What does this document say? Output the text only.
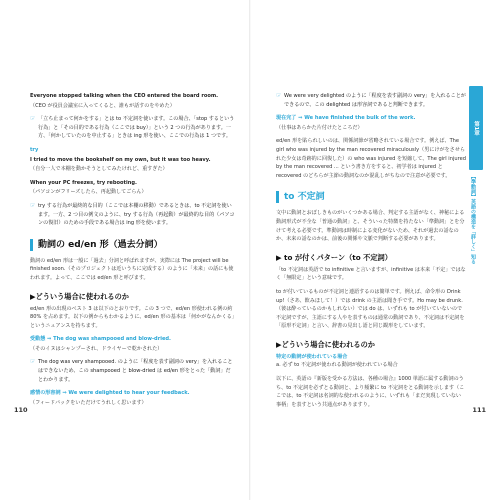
Everyone stopped talking when the CEO entered the board room.
（CEO が役員会議室に入ってくると、誰もが話すのをやめた）
☞ 「立ち止まって何かをする」とは to 不定詞を使います。この場合、「stop するという行為」と「その目的である行為（ここでは buy）」という 2 つの行為があります。一方、「何かしていたのを中止する」ときは ing 形を使い、ここでの行為は 1 つです。
try
I tried to move the bookshelf on my own, but it was too heavy.
（自分一人で本棚を動かそうとしてみたけれど、重すぎた）
When your PC freezes, try rebooting.
（パソコンがフリーズしたら、再起動してごらん）
☞ try する行為が最終的な目的（ここでは本棚の移動）であるときは、to 不定詞を使います。一方、2 つ目の例文のように、try する行為（再起動）が最終的な目的（パソコンの復旧）のための手段である場合は ing 形を使います。
動詞の ed/en 形（過去分詞）
動詞の ed/en 形は一般に「過去」分詞と呼ばれますが、実際には The project will be finished soon.（そのプロジェクトは近いうちに完成する）のように「未来」の話にも使われます。よって、ここでは ed/en 形と呼びます。
▶どういう場合に使われるのか
ed/en 形の出現のベスト 3 は以下のとおりです。この 3 つで、ed/en 形使われる例の約 80% を占めます。以下の例からもわかるように、ed/en 形の基本は「何かがなんかくる」というニュアンスを持ちます。
受動態 ⇒ The dog was shampooed and blow-dried.
（そのイヌはシャンプーされ、ドライヤーで乾かされた）
☞ The dog was very shampooed. のように「程度を表す副詞の very」を入れることはできないため、この shampooed と blow-dried は ed/en 形をとった「動詞」だとわかります。
感情の形容詞 ⇒ We were delighted to hear your feedback.
（フィードバックをいただけてうれしく思います）
110	111
☞ We were very delighted のように「程度を表す副詞の very」を入れることができるので、この delighted は形容詞であると判断できます。
現在完了 ⇒ We have finished the bulk of the work.
（仕事はあらかた片付けたところだ）
ed/en 形を貼られしいのは、関係詞節が省略されている場合です。例えば、The girl who was injured by the man recovered miraculously（男にけがをさせられた少女は奇跡的に回復した）の who was injured を短縮して、The girl injured by the man recovered ... という書き方をすると、初学者は injured と recovered のどちらが主節の動詞なのか混乱しがちなので注意が必要です。
to 不定詞
文中に動詞とおぼしきものがいくつかある場合、判定する主語がなく、神秘による動詞形式が不全な「普通の動詞」と、そういった特徴を持たない「準動詞」とを分けて考える必要です。準動詞は時制による変化がないため、それが過去の話なのか、未来の話なのかは、前後の関係や文脈で判断する必要があります。
▶ to が付くパターン（to 不定詞）
「to 不定詞は英語で to infinitive と言いますが、infinitive は本来「不定」ではなく「無限定」という意味です。
to が付いているものが不定詞と連語するのは簡単です。例えば、命令形の Drink up!（さあ、飲みほして！）では drink の主語は聞き手です。Ho may be drunk.（彼は酔っているのかもしれない）では do は、いずれも to が付いていないので不定詞ですが、主語にする人やを表すものは通常の動詞であり、不定詞は不定詞を「原形不定詞」と言い、辞書の見出し語と同じ観形をしています。
▶どういう場合に使われるのか
特定の動詞が使われている場合
a. 必ず to 不定詞が使われる動詞が使われている場合
以下に、英語の『新版を受かる方法は、各種の場合』1000 単語に属する動詞のうち、to 不定詞を必ずとる動詞と、より頻繁に to 不定詞をとる動詞を示します（ここでは、to 不定詞は名詞的な使われるのように、いずれも「まだ実現していない事柄」を表すという共通点がありますり。
第1章
【準動詞】英語の構造を「詳しく」知る
